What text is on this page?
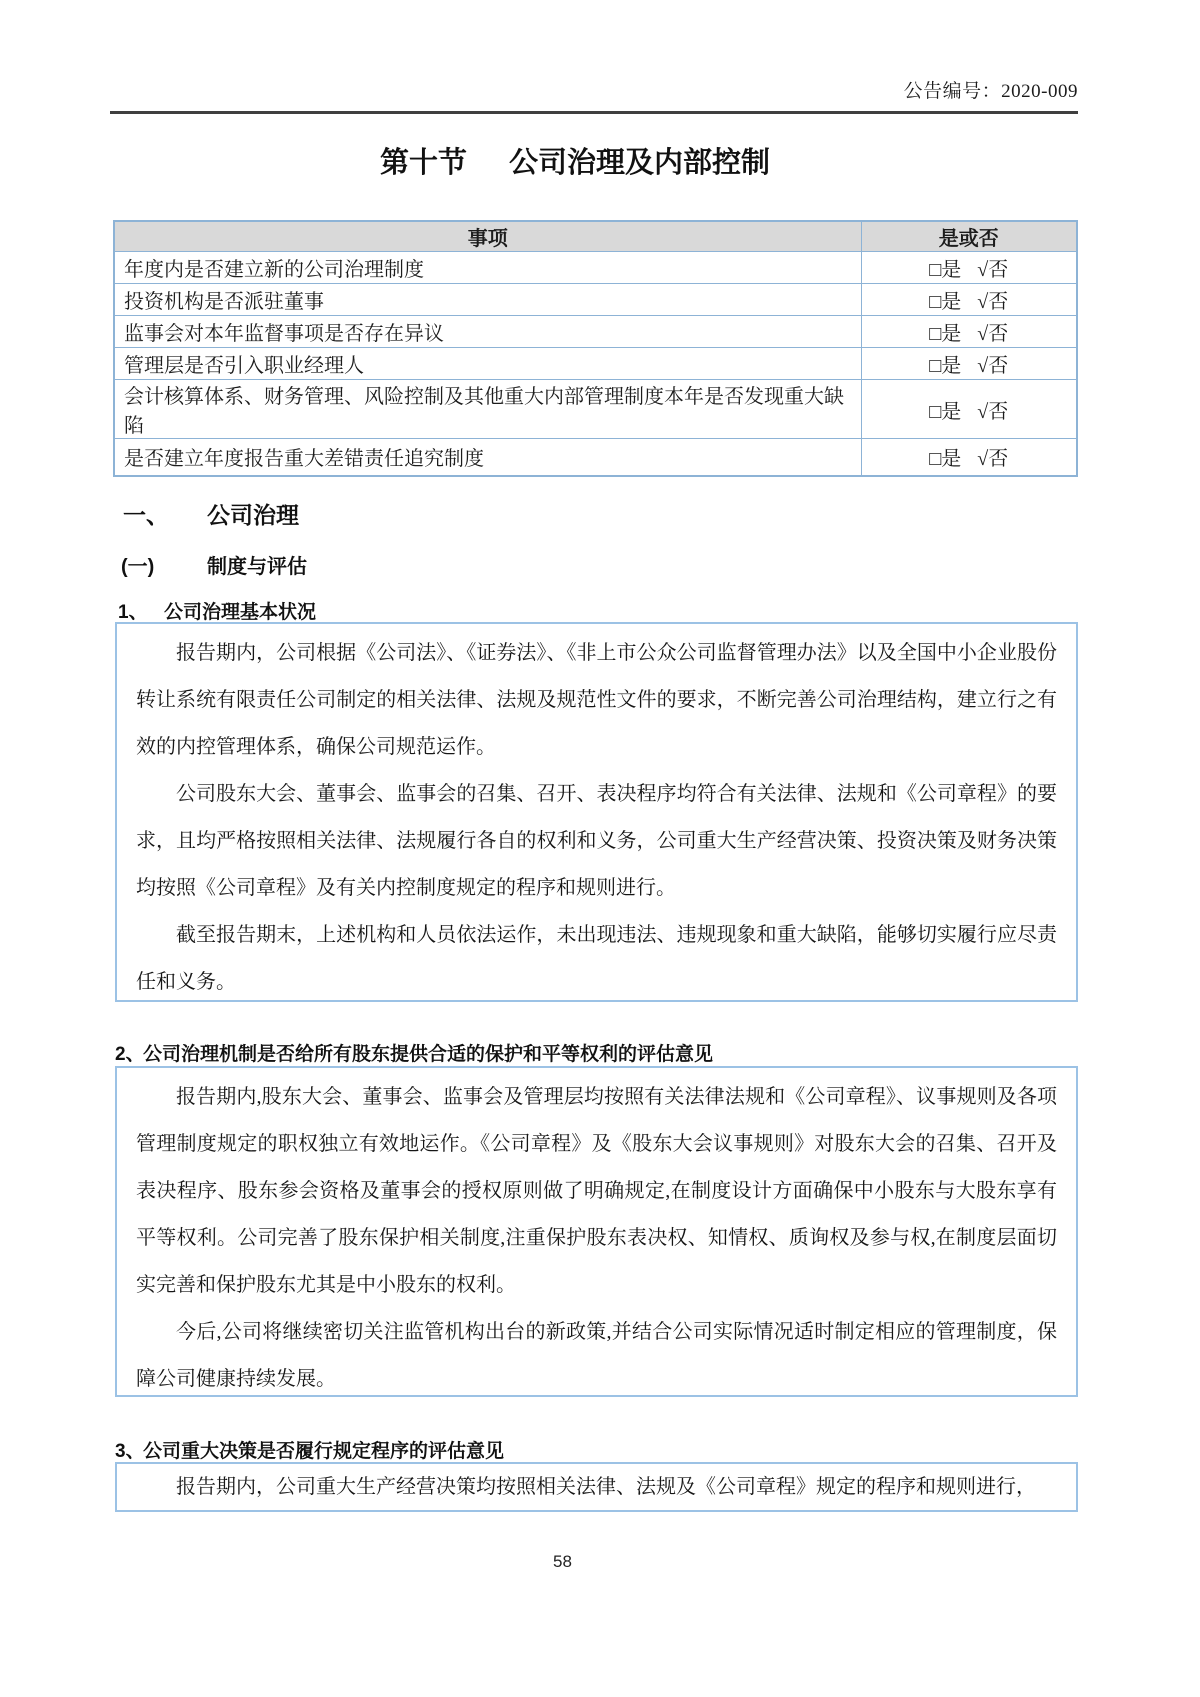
公告编号：2020-009
第十节 公司治理及内部控制
事项	是或否
年度内是否建立新的公司治理制度	□是 √否
投资机构是否派驻董事	□是 √否
监事会对本年监督事项是否存在异议	□是 √否
管理层是否引入职业经理人	□是 √否
会计核算体系、财务管理、风险控制及其他重大内部管理制度本年是否发现重大缺陷	□是 √否
是否建立年度报告重大差错责任追究制度	□是 √否
一、 公司治理
(一)	制度与评估
1、 公司治理基本状况

报告期内，公司根据《公司法》、《证券法》、《非上市公众公司监督管理办法》以及全国中小企业股份转让系统有限责任公司制定的相关法律、法规及规范性文件的要求，不断完善公司治理结构，建立行之有效的内控管理体系，确保公司规范运作。

公司股东大会、董事会、监事会的召集、召开、表决程序均符合有关法律、法规和《公司章程》的要求，且均严格按照相关法律、法规履行各自的权利和义务，公司重大生产经营决策、投资决策及财务决策均按照《公司章程》及有关内控制度规定的程序和规则进行。

截至报告期末，上述机构和人员依法运作，未出现违法、违规现象和重大缺陷，能够切实履行应尽责任和义务。

2、公司治理机制是否给所有股东提供合适的保护和平等权利的评估意见

报告期内,股东大会、董事会、监事会及管理层均按照有关法律法规和《公司章程》、议事规则及各项管理制度规定的职权独立有效地运作。《公司章程》及《股东大会议事规则》对股东大会的召集、召开及表决程序、股东参会资格及董事会的授权原则做了明确规定,在制度设计方面确保中小股东与大股东享有平等权利。公司完善了股东保护相关制度,注重保护股东表决权、知情权、质询权及参与权,在制度层面切实完善和保护股东尤其是中小股东的权利。

今后,公司将继续密切关注监管机构出台的新政策,并结合公司实际情况适时制定相应的管理制度，保障公司健康持续发展。

3、公司重大决策是否履行规定程序的评估意见

报告期内，公司重大生产经营决策均按照相关法律、法规及《公司章程》规定的程序和规则进行，

58
